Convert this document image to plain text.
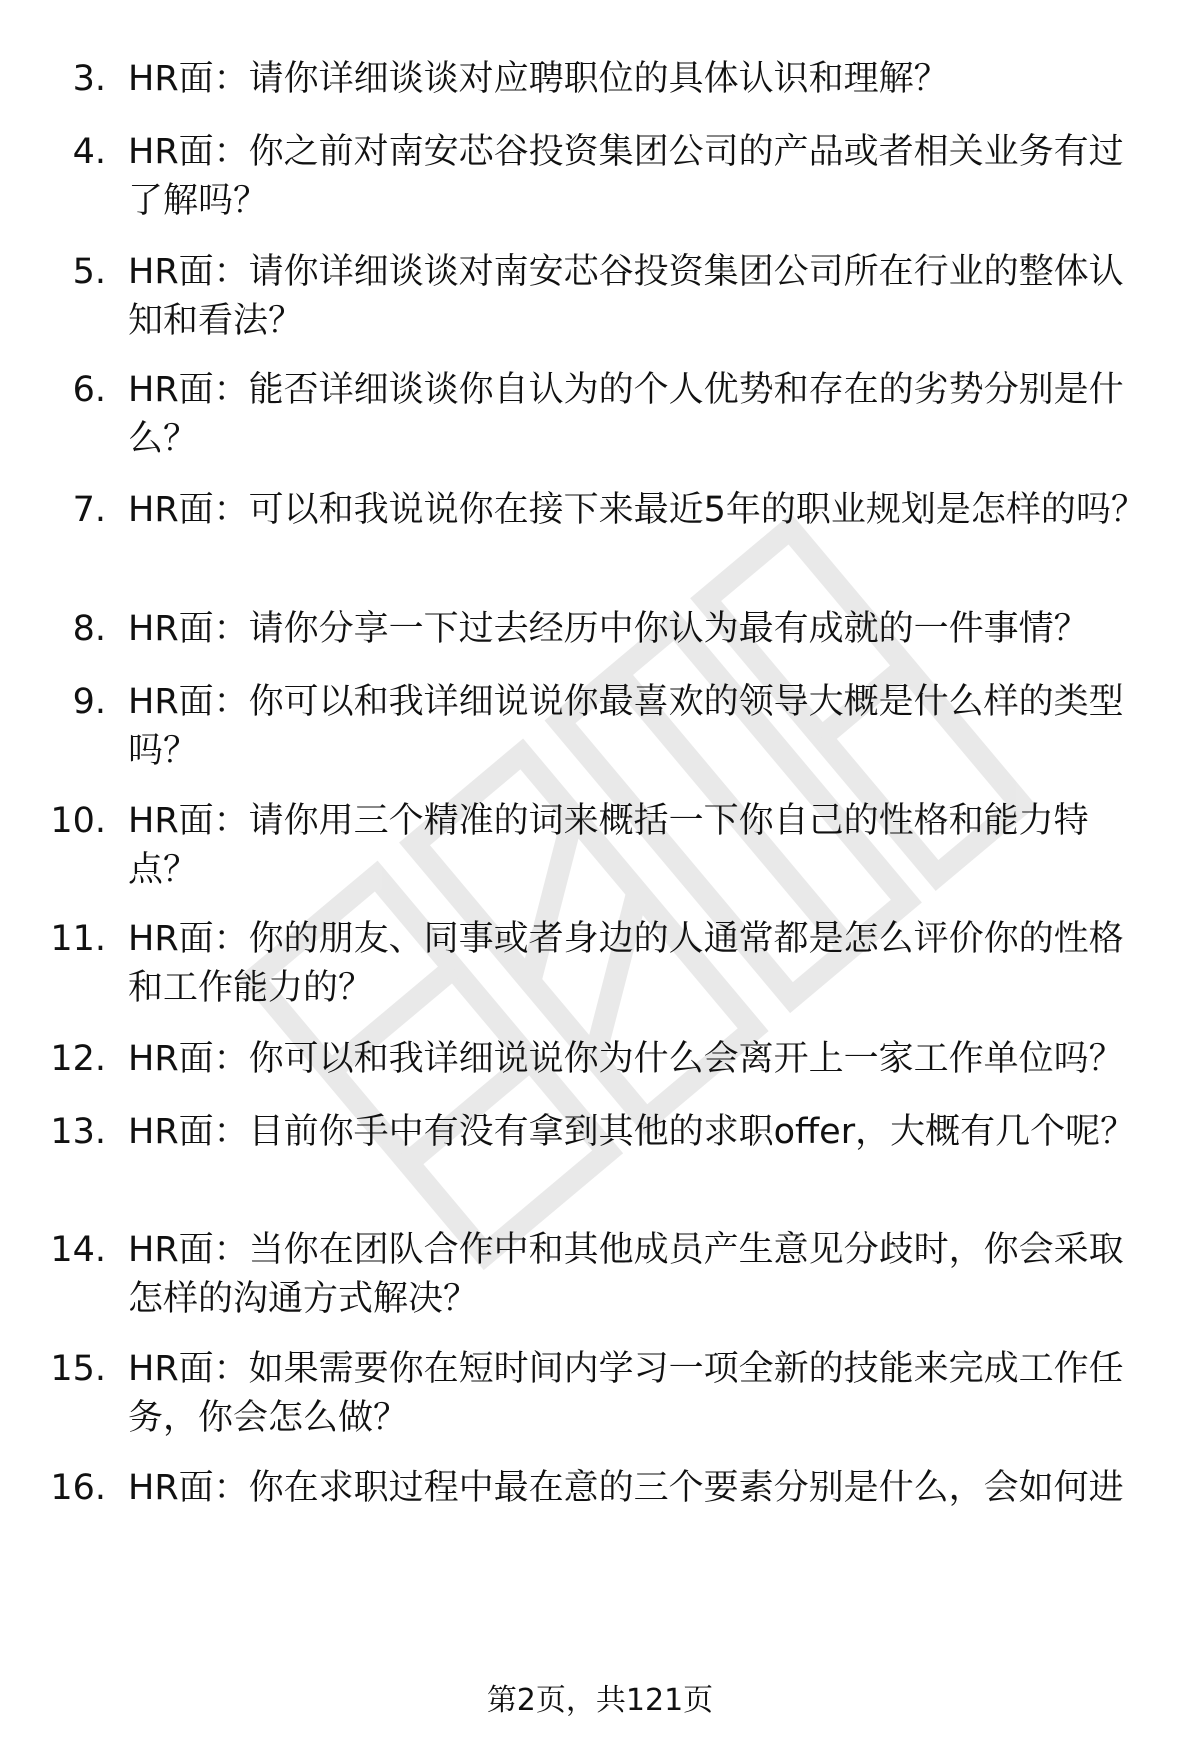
3. HR面：请你详细谈谈对应聘职位的具体认识和理解？
4. HR面：你之前对南安芯谷投资集团公司的产品或者相关业务有过了解吗？
5. HR面：请你详细谈谈对南安芯谷投资集团公司所在行业的整体认知和看法？
6. HR面：能否详细谈谈你自认为的个人优势和存在的劣势分别是什么？
7. HR面：可以和我说说你在接下来最近5年的职业规划是怎样的吗？
8. HR面：请你分享一下过去经历中你认为最有成就的一件事情？
9. HR面：你可以和我详细说说你最喜欢的领导大概是什么样的类型吗？
10. HR面：请你用三个精准的词来概括一下你自己的性格和能力特点？
11. HR面：你的朋友、同事或者身边的人通常都是怎么评价你的性格和工作能力的？
12. HR面：你可以和我详细说说你为什么会离开上一家工作单位吗？
13. HR面：目前你手中有没有拿到其他的求职offer，大概有几个呢？
14. HR面：当你在团队合作中和其他成员产生意见分歧时，你会采取怎样的沟通方式解决？
15. HR面：如果需要你在短时间内学习一项全新的技能来完成工作任务，你会怎么做？
16. HR面：你在求职过程中最在意的三个要素分别是什么，会如何进
第2页，共121页
